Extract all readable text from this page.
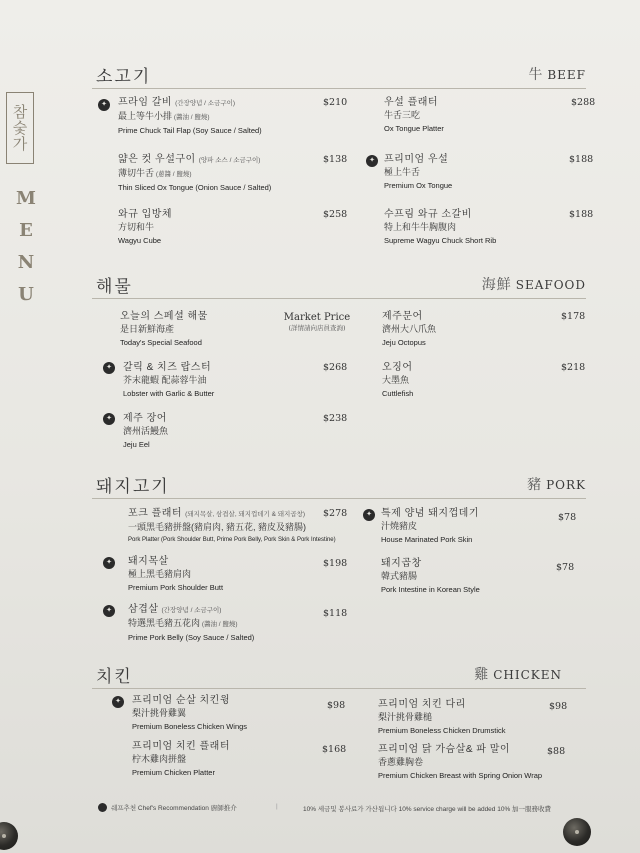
참
숯
가
M
E
N
U
소고기	牛 BEEF
✦	프라임 갈비 (간장양념 / 소금구이)
最上等牛小排 (醬油 / 鹽燒)
Prime Chuck Tail Flap (Soy Sauce / Salted)
$210	우설 플래터
牛舌三吃
Ox Tongue Platter
$288
얇은 컷 우설구이 (양파 소스 / 소금구이)
薄切牛舌 (蔥醬 / 鹽燒)
Thin Sliced Ox Tongue (Onion Sauce / Salted)
$138	✦ 프리미엄 우설
極上牛舌
Premium Ox Tongue
$188
와규 입방체
方切和牛
Wagyu Cube
$258	수프림 와규 소갈비
特上和牛牛胸腹肉
Supreme Wagyu Chuck Short Rib
$188
해물	海鮮 SEAFOOD
오늘의 스페셜 해물
是日新鮮海產
Today's Special Seafood
Market Price
(詳情請向店員查詢)
제주문어
濟州大八爪魚
Jeju Octopus
$178
✦	갈릭 & 치즈 랍스터
芥末龍蝦 配蒜蓉牛油
Lobster with Garlic & Butter
$268	오징어
大墨魚
Cuttlefish
$218
✦	제주 장어
濟州活鰻魚
Jeju Eel
$238
돼지고기	豬 PORK
포크 플래터 (돼지목살, 삼겹살, 돼지껍데기 & 돼지곱창)
一頭黑毛豬拼盤(豬肩肉, 豬五花, 豬皮及豬腸)
Pork Platter (Pork Shoulder Butt, Prime Pork Belly, Pork Skin & Pork Intestine)
$278	✦ 특제 양념 돼지껍데기
汁燒豬皮
House Marinated Pork Skin
$78
✦	돼지목살
極上黑毛豬肩肉
Premium Pork Shoulder Butt
$198	돼지곱창
韓式豬腸
Pork Intestine in Korean Style
$78
✦	삼겹살 (간장양념 / 소금구이)
特選黑毛豬五花肉 (醬油 / 鹽燒)
Prime Pork Belly (Soy Sauce / Salted)
$118
치킨	雞 CHICKEN
✦	프리미엄 순살 치킨윙
梨汁挑骨雞翼
Premium Boneless Chicken Wings
$98	프리미엄 치킨 다리
梨汁挑骨雞槌
Premium Boneless Chicken Drumstick
$98
프리미엄 치킨 플래터
柠木雞肉拼盤
Premium Chicken Platter
$168	프리미엄 닭 가슴살& 파 말이
香蔥雞胸卷
Premium Chicken Breast with Spring Onion Wrap
$88
쉐프추천 Chef's Recommendation 廚師推介	|	10% 세금및 봉사료가 가산됩니다 10% service charge will be added 10% 加一服務收費
